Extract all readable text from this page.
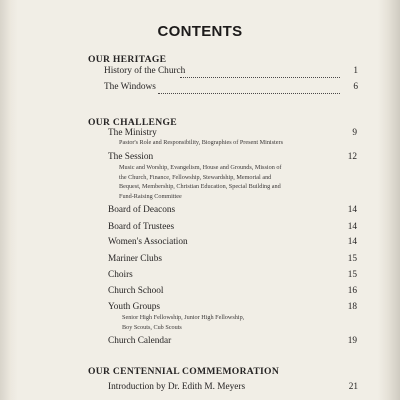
CONTENTS
OUR HERITAGE
History of the Church	1
The Windows	6
OUR CHALLENGE
The Ministry	9
Pastor's Role and Responsibility, Biographies of Present Ministers
The Session	12
Music and Worship, Evangelism, House and Grounds, Mission of
the Church, Finance, Fellowship, Stewardship, Memorial and
Bequest, Membership, Christian Education, Special Building and
Fund-Raising Committee
Board of Deacons	14
Board of Trustees	14
Women's Association	14
Mariner Clubs	15
Choirs	15
Church School	16
Youth Groups	18
Senior High Fellowship, Junior High Fellowship,
Boy Scouts, Cub Scouts
Church Calendar	19
OUR CENTENNIAL COMMEMORATION
Introduction by Dr. Edith M. Meyers	21
